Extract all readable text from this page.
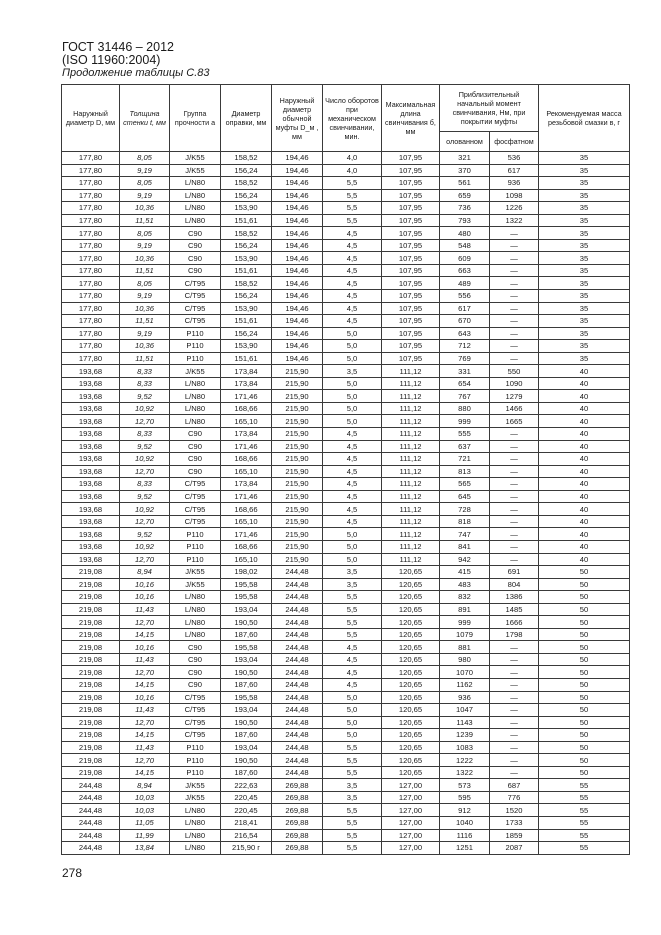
ГОСТ 31446 – 2012
(ISO 11960:2004)
Продолжение таблицы С.83
Наружный диаметр D, мм	Толщина стенки t, мм	Группа прочности а	Диаметр оправки, мм	Наружный диаметр обычной муфты D_м , мм	Число оборотов при механическом свинчивании, мин.	Максимальная длина свинчивания б, мм	Приблизительный начальный момент свинчивания, Нм, при покрытии муфты		Рекомендуемая масса резьбовой смазки в, г
							олованном	фосфатном	
177,80	8,05	J/K55	158,52	194,46	4,0	107,95	321	536	35
177,80	9,19	J/K55	156,24	194,46	4,0	107,95	370	617	35
177,80	8,05	L/N80	158,52	194,46	5,5	107,95	561	936	35
177,80	9,19	L/N80	156,24	194,46	5,5	107,95	659	1098	35
177,80	10,36	L/N80	153,90	194,46	5,5	107,95	736	1226	35
177,80	11,51	L/N80	151,61	194,46	5,5	107,95	793	1322	35
177,80	8,05	C90	158,52	194,46	4,5	107,95	480	—	35
177,80	9,19	C90	156,24	194,46	4,5	107,95	548	—	35
177,80	10,36	C90	153,90	194,46	4,5	107,95	609	—	35
177,80	11,51	C90	151,61	194,46	4,5	107,95	663	—	35
177,80	8,05	C/T95	158,52	194,46	4,5	107,95	489	—	35
177,80	9,19	C/T95	156,24	194,46	4,5	107,95	556	—	35
177,80	10,36	C/T95	153,90	194,46	4,5	107,95	617	—	35
177,80	11,51	C/T95	151,61	194,46	4,5	107,95	670	—	35
177,80	9,19	P110	156,24	194,46	5,0	107,95	643	—	35
177,80	10,36	P110	153,90	194,46	5,0	107,95	712	—	35
177,80	11,51	P110	151,61	194,46	5,0	107,95	769	—	35
193,68	8,33	J/K55	173,84	215,90	3,5	111,12	331	550	40
193,68	8,33	L/N80	173,84	215,90	5,0	111,12	654	1090	40
193,68	9,52	L/N80	171,46	215,90	5,0	111,12	767	1279	40
193,68	10,92	L/N80	168,66	215,90	5,0	111,12	880	1466	40
193,68	12,70	L/N80	165,10	215,90	5,0	111,12	999	1665	40
193,68	8,33	C90	173,84	215,90	4,5	111,12	555	—	40
193,68	9,52	C90	171,46	215,90	4,5	111,12	637	—	40
193,68	10,92	C90	168,66	215,90	4,5	111,12	721	—	40
193,68	12,70	C90	165,10	215,90	4,5	111,12	813	—	40
193,68	8,33	C/T95	173,84	215,90	4,5	111,12	565	—	40
193,68	9,52	C/T95	171,46	215,90	4,5	111,12	645	—	40
193,68	10,92	C/T95	168,66	215,90	4,5	111,12	728	—	40
193,68	12,70	C/T95	165,10	215,90	4,5	111,12	818	—	40
193,68	9,52	P110	171,46	215,90	5,0	111,12	747	—	40
193,68	10,92	P110	168,66	215,90	5,0	111,12	841	—	40
193,68	12,70	P110	165,10	215,90	5,0	111,12	942	—	40
219,08	8,94	J/K55	198,02	244,48	3,5	120,65	415	691	50
219,08	10,16	J/K55	195,58	244,48	3,5	120,65	483	804	50
219,08	10,16	L/N80	195,58	244,48	5,5	120,65	832	1386	50
219,08	11,43	L/N80	193,04	244,48	5,5	120,65	891	1485	50
219,08	12,70	L/N80	190,50	244,48	5,5	120,65	999	1666	50
219,08	14,15	L/N80	187,60	244,48	5,5	120,65	1079	1798	50
219,08	10,16	C90	195,58	244,48	4,5	120,65	881	—	50
219,08	11,43	C90	193,04	244,48	4,5	120,65	980	—	50
219,08	12,70	C90	190,50	244,48	4,5	120,65	1070	—	50
219,08	14,15	C90	187,60	244,48	4,5	120,65	1162	—	50
219,08	10,16	C/T95	195,58	244,48	5,0	120,65	936	—	50
219,08	11,43	C/T95	193,04	244,48	5,0	120,65	1047	—	50
219,08	12,70	C/T95	190,50	244,48	5,0	120,65	1143	—	50
219,08	14,15	C/T95	187,60	244,48	5,0	120,65	1239	—	50
219,08	11,43	P110	193,04	244,48	5,5	120,65	1083	—	50
219,08	12,70	P110	190,50	244,48	5,5	120,65	1222	—	50
219,08	14,15	P110	187,60	244,48	5,5	120,65	1322	—	50
244,48	8,94	J/K55	222,63	269,88	3,5	127,00	573	687	55
244,48	10,03	J/K55	220,45	269,88	3,5	127,00	595	776	55
244,48	10,03	L/N80	220,45	269,88	5,5	127,00	912	1520	55
244,48	11,05	L/N80	218,41	269,88	5,5	127,00	1040	1733	55
244,48	11,99	L/N80	216,54	269,88	5,5	127,00	1116	1859	55
244,48	13,84	L/N80	215,90 г	269,88	5,5	127,00	1251	2087	55
278
